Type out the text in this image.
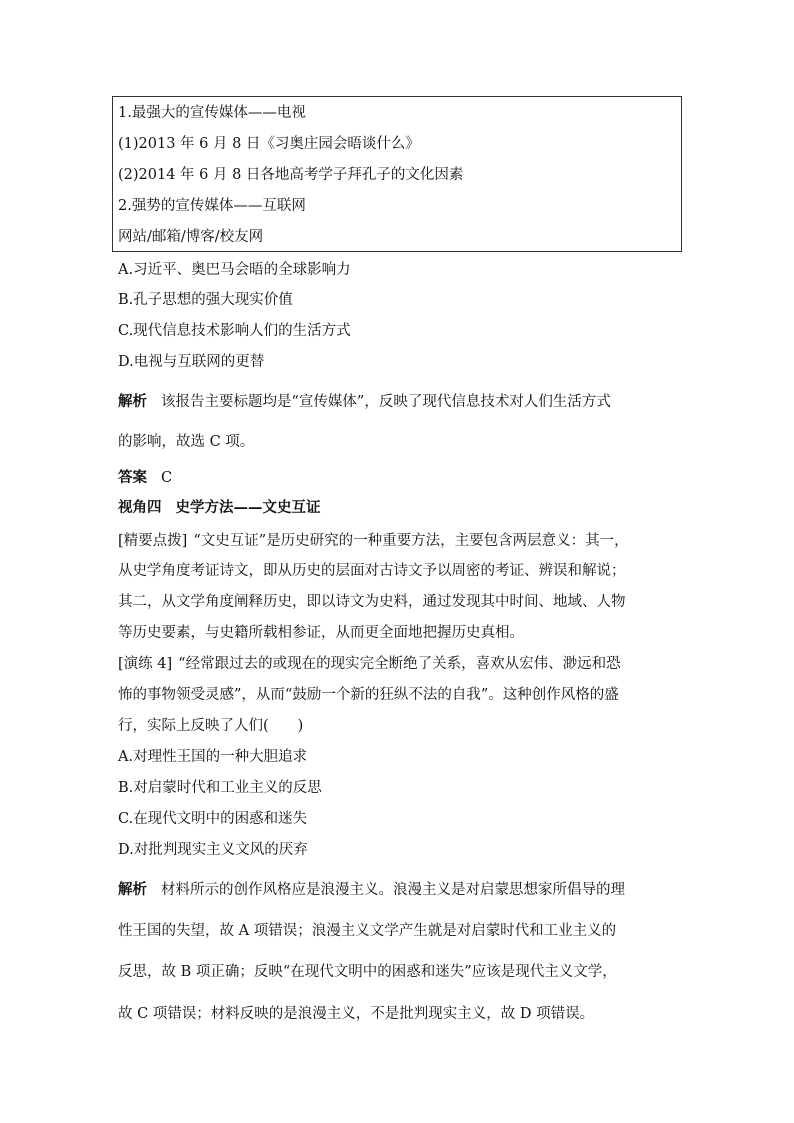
1.最强大的宣传媒体——电视
(1)2013 年 6 月 8 日《习奥庄园会晤谈什么》
(2)2014 年 6 月 8 日各地高考学子拜孔子的文化因素
2.强势的宣传媒体——互联网
网站/邮箱/博客/校友网
A.习近平、奥巴马会晤的全球影响力
B.孔子思想的强大现实价值
C.现代信息技术影响人们的生活方式
D.电视与互联网的更替
解析 该报告主要标题均是“宣传媒体”，反映了现代信息技术对人们生活方式
的影响，故选 C 项。
答案 C
视角四 史学方法——文史互证
[精要点拨] “文史互证”是历史研究的一种重要方法，主要包含两层意义：其一，
从史学角度考证诗文，即从历史的层面对古诗文予以周密的考证、辨误和解说；
其二，从文学角度阐释历史，即以诗文为史料，通过发现其中时间、地域、人物
等历史要素，与史籍所载相参证，从而更全面地把握历史真相。
[演练 4] “经常跟过去的或现在的现实完全断绝了关系，喜欢从宏伟、渺远和恐
怖的事物领受灵感”，从而“鼓励一个新的狂纵不法的自我”。这种创作风格的盛
行，实际上反映了人们(　　)
A.对理性王国的一种大胆追求
B.对启蒙时代和工业主义的反思
C.在现代文明中的困惑和迷失
D.对批判现实主义文风的厌弃
解析 材料所示的创作风格应是浪漫主义。浪漫主义是对启蒙思想家所倡导的理
性王国的失望，故 A 项错误；浪漫主义文学产生就是对启蒙时代和工业主义的
反思，故 B 项正确；反映“在现代文明中的困惑和迷失”应该是现代主义文学，
故 C 项错误；材料反映的是浪漫主义，不是批判现实主义，故 D 项错误。
